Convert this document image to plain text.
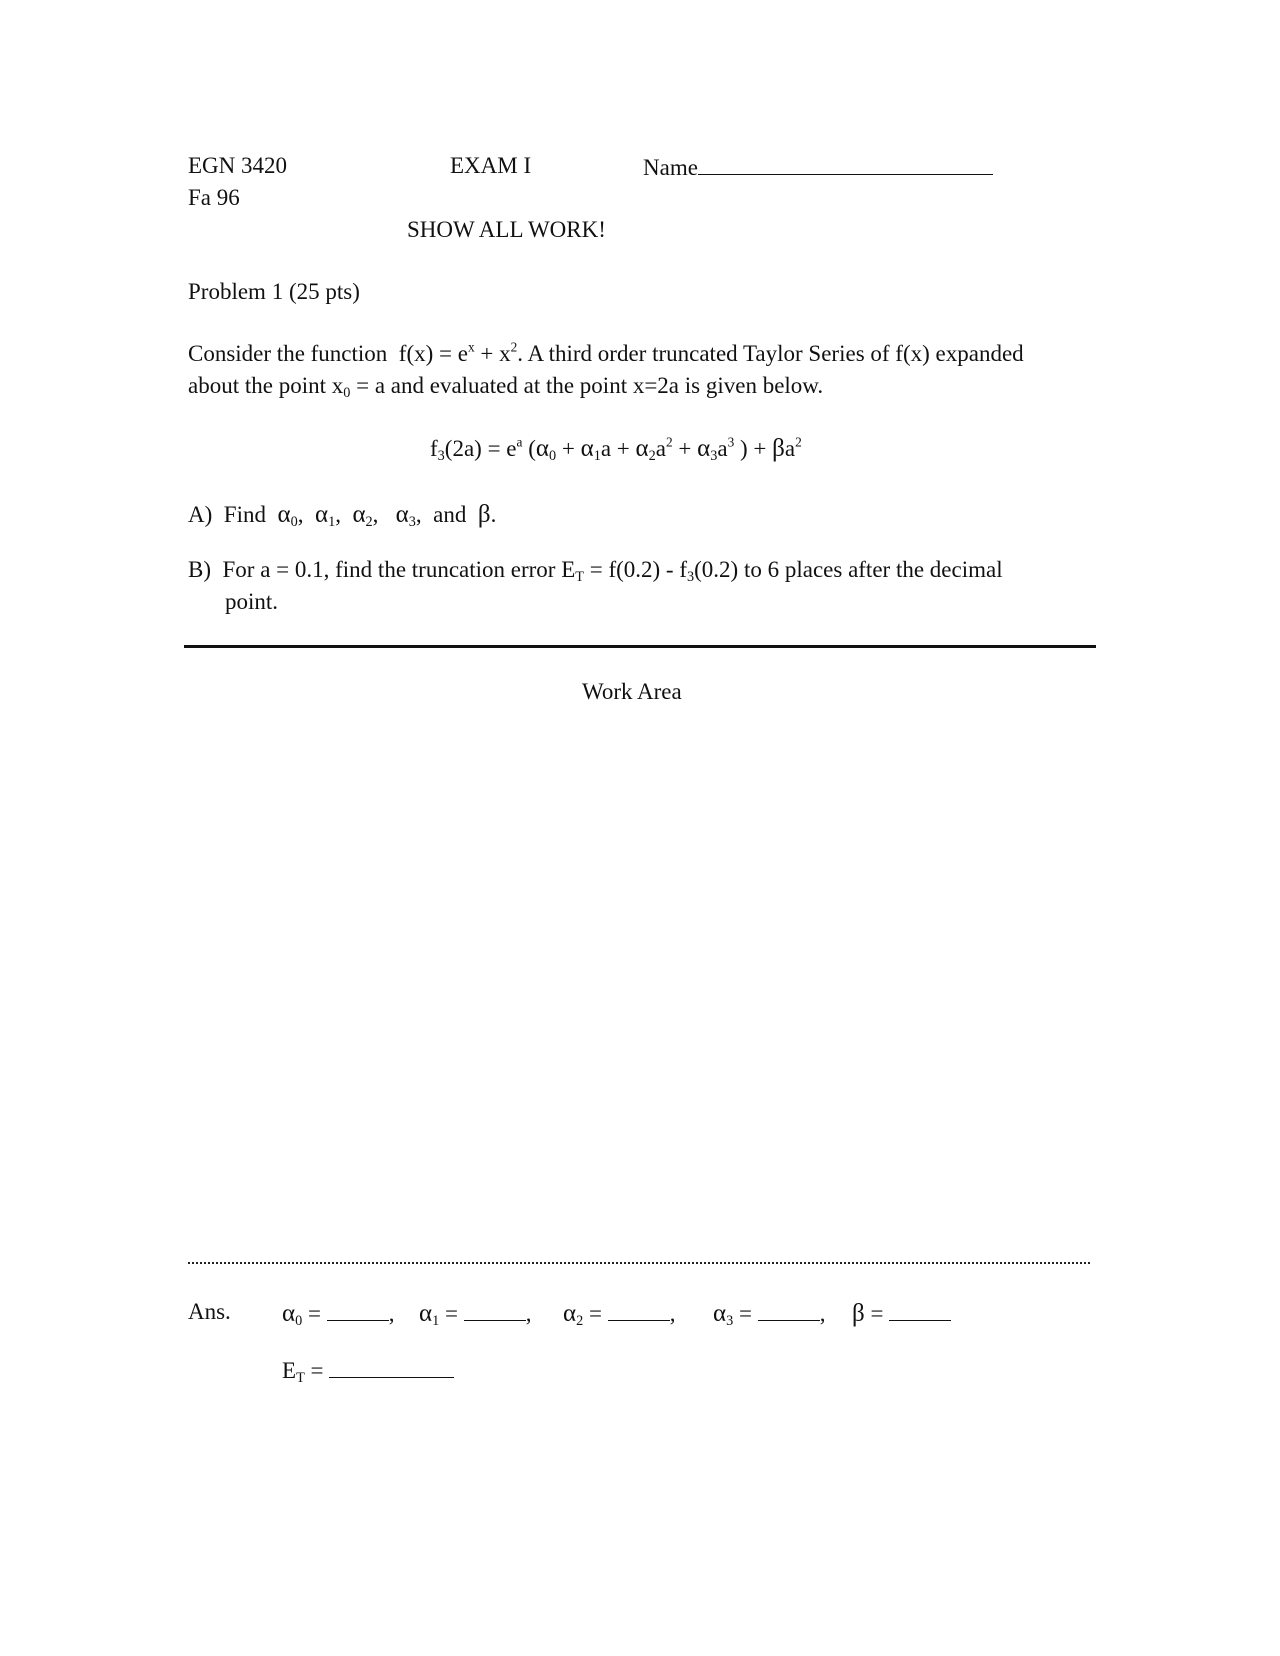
EGN 3420
Fa 96
EXAM I	Name
SHOW ALL WORK!
Problem 1 (25 pts)
Consider the function $f(x) = e^x + x^2$. A third order truncated Taylor Series of f(x) expanded
about the point $x_0 = a$ and evaluated at the point x=2a is given below.
$f_3(2a) = e^a$ ($\alpha_0 + \alpha_1a + \alpha_2a^2 + \alpha_3a^3$ ) + $\beta a^2$
A) Find $\alpha_0$,  $\alpha_1$,  $\alpha_2$,   $\alpha_3$,  and β.
B) For a = 0.1, find the truncation error $E_T = f(0.2) - f_3(0.2)$ to 6 places after the decimal
point.
Work Area
Ans. $\alpha_0$ =	, $\alpha_1$ =	, $\alpha_2$ =	, $\alpha_3$ =	, β =
$E_T$ =
